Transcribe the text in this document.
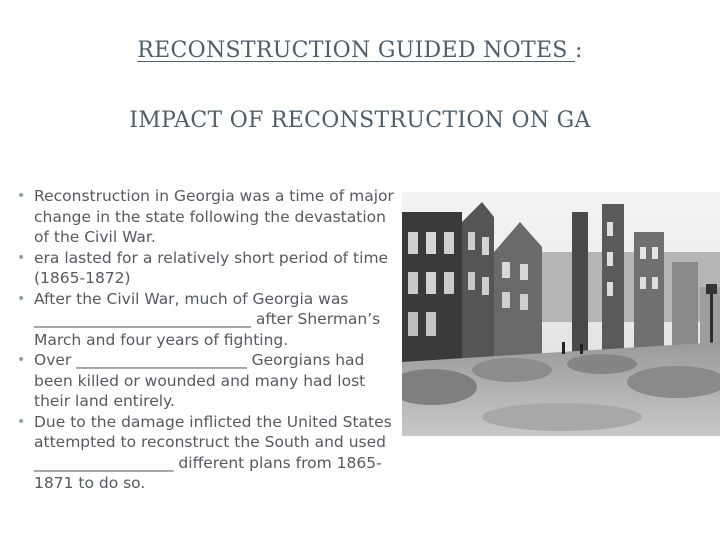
RECONSTRUCTION GUIDED NOTES :
IMPACT OF RECONSTRUCTION ON GA
• Reconstruction in Georgia was a time of major change in the state following the devastation of the Civil War.
• era lasted for a relatively short period of time (1865-1872)
• After the Civil War, much of Georgia was ____________________________ after Sherman’s March and four years of fighting.
• Over ______________________ Georgians had been killed or wounded and many had lost their land entirely.
• Due to the damage inflicted the United States attempted to reconstruct the South and used __________________ different plans from 1865-1871 to do so.
